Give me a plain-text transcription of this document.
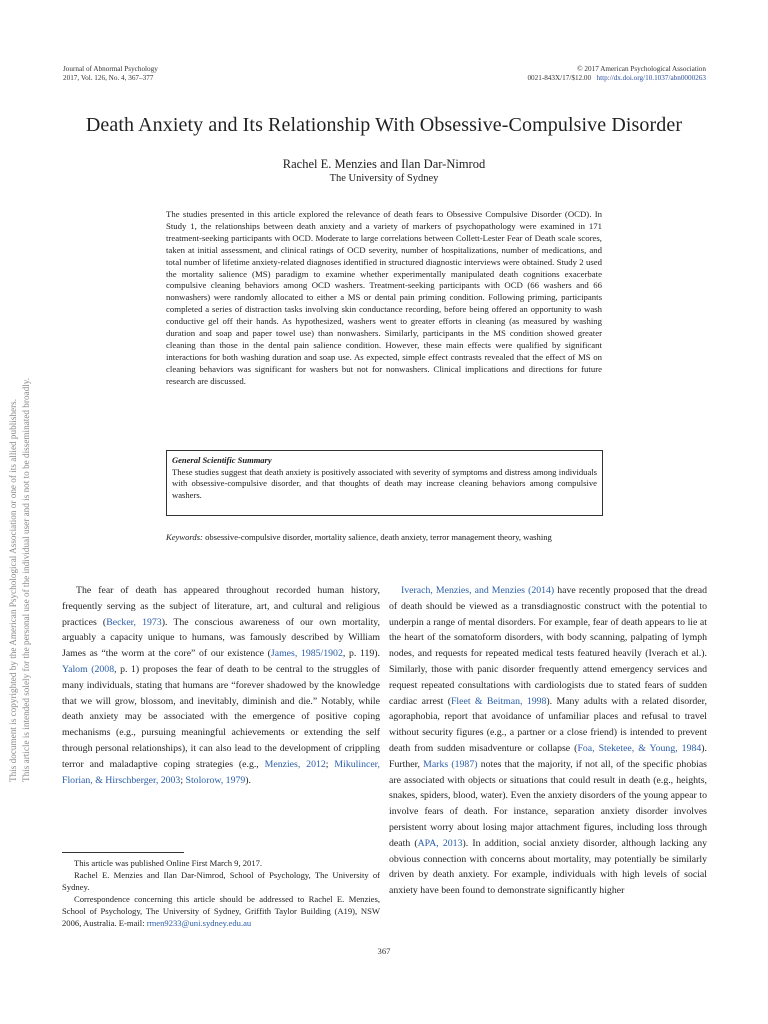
Journal of Abnormal Psychology
2017, Vol. 126, No. 4, 367–377
© 2017 American Psychological Association
0021-843X/17/$12.00 http://dx.doi.org/10.1037/abn0000263
Death Anxiety and Its Relationship With Obsessive-Compulsive Disorder
Rachel E. Menzies and Ilan Dar-Nimrod
The University of Sydney

The studies presented in this article explored the relevance of death fears to Obsessive Compulsive Disorder (OCD). In Study 1, the relationships between death anxiety and a variety of markers of psychopathology were examined in 171 treatment-seeking participants with OCD. Moderate to large correlations between Collett-Lester Fear of Death scale scores, taken at initial assessment, and clinical ratings of OCD severity, number of hospitalizations, number of medications, and total number of lifetime anxiety-related diagnoses identified in structured diagnostic interviews were obtained. Study 2 used the mortality salience (MS) paradigm to examine whether experimentally manipulated death cognitions exacerbate compulsive cleaning behaviors among OCD washers. Treatment-seeking participants with OCD (66 washers and 66 nonwashers) were randomly allocated to either a MS or dental pain priming condition. Following priming, participants completed a series of distraction tasks involving skin conductance recording, before being offered an opportunity to wash conductive gel off their hands. As hypothesized, washers went to greater efforts in cleaning (as measured by washing duration and soap and paper towel use) than nonwashers. Similarly, participants in the MS condition showed greater cleaning than those in the dental pain salience condition. However, these main effects were qualified by significant interactions for both washing duration and soap use. As expected, simple effect contrasts revealed that the effect of MS on cleaning behaviors was significant for washers but not for nonwashers. Clinical implications and directions for future research are discussed.

General Scientific Summary

These studies suggest that death anxiety is positively associated with severity of symptoms and distress among individuals with obsessive-compulsive disorder, and that thoughts of death may increase cleaning behaviors among compulsive washers.

Keywords: obsessive-compulsive disorder, mortality salience, death anxiety, terror management theory, washing

The fear of death has appeared throughout recorded human history, frequently serving as the subject of literature, art, and cultural and religious practices (Becker, 1973). The conscious awareness of our own mortality, arguably a capacity unique to humans, was famously described by William James as “the worm at the core” of our existence (James, 1985/1902, p. 119). Yalom (2008, p. 1) proposes the fear of death to be central to the struggles of many individuals, stating that humans are “forever shadowed by the knowledge that we will grow, blossom, and inevitably, diminish and die.” Notably, while death anxiety may be associated with the emergence of positive coping mechanisms (e.g., pursuing meaningful achievements or extending the self through personal relationships), it can also lead to the development of crippling terror and maladaptive coping strategies (e.g., Menzies, 2012; Mikulincer, Florian, & Hirschberger, 2003; Stolorow, 1979).

Iverach, Menzies, and Menzies (2014) have recently proposed that the dread of death should be viewed as a transdiagnostic construct with the potential to underpin a range of mental disorders. For example, fear of death appears to lie at the heart of the somatoform disorders, with body scanning, palpating of lymph nodes, and requests for repeated medical tests featured heavily (Iverach et al.). Similarly, those with panic disorder frequently attend emergency services and request repeated consultations with cardiologists due to stated fears of sudden cardiac arrest (Fleet & Beitman, 1998). Many adults with a related disorder, agoraphobia, report that avoidance of unfamiliar places and refusal to travel without security figures (e.g., a partner or a close friend) is intended to prevent death from sudden misadventure or collapse (Foa, Steketee, & Young, 1984). Further, Marks (1987) notes that the majority, if not all, of the specific phobias are associated with objects or situations that could result in death (e.g., heights, snakes, spiders, blood, water). Even the anxiety disorders of the young appear to involve fears of death. For instance, separation anxiety disorder involves persistent worry about losing major attachment figures, including loss through death (APA, 2013). In addition, social anxiety disorder, although lacking any obvious connection with concerns about mortality, may potentially be similarly driven by death anxiety. For example, individuals with high levels of social anxiety have been found to demonstrate significantly higher

This article was published Online First March 9, 2017.

Rachel E. Menzies and Ilan Dar-Nimrod, School of Psychology, The University of Sydney.

Correspondence concerning this article should be addressed to Rachel E. Menzies, School of Psychology, The University of Sydney, Griffith Taylor Building (A19), NSW 2006, Australia. E-mail: rmen9233@uni.sydney.edu.au

367
This document is copyrighted by the American Psychological Association or one of its allied publishers. This article is intended solely for the personal use of the individual user and is not to be disseminated broadly.
